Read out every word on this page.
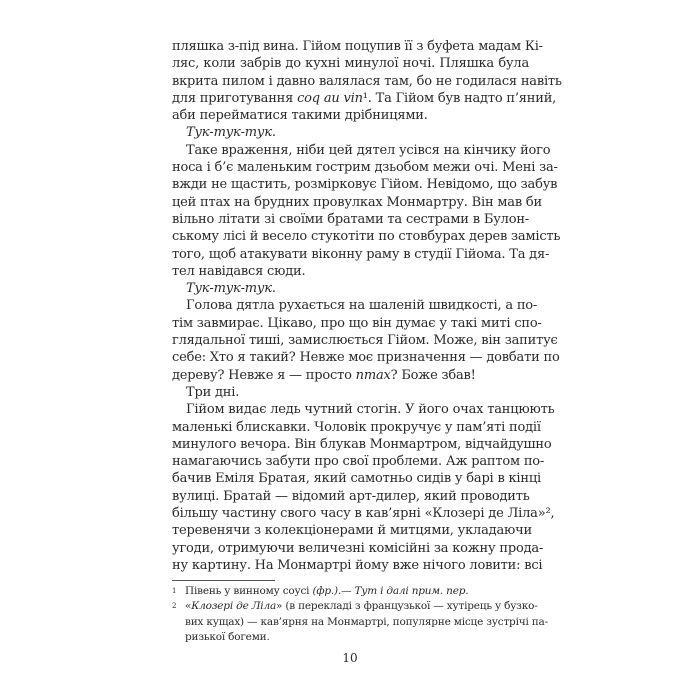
пляшка з-під вина. Гійом поцупив її з буфета мадам Кі-
ляс, коли забрів до кухні минулої ночі. Пляшка була
вкрита пилом і давно валялася там, бо не годилася навіть
для приготування coq au vin¹. Та Гійом був надто п’яний,
аби перейматися такими дрібницями.
Тук-тук-тук.
Таке враження, ніби цей дятел усівся на кінчику його
носа і б’є маленьким гострим дзьобом межи очі. Мені за-
вжди не щастить, розмірковує Гійом. Невідомо, що забув
цей птах на брудних провулках Монмартру. Він мав би
вільно літати зі своїми братами та сестрами в Булон-
ському лісі й весело стукотіти по стовбурах дерев замість
того, щоб атакувати віконну раму в студії Гійома. Та дя-
тел навідався сюди.
Тук-тук-тук.
Голова дятла рухається на шаленій швидкості, а по-
тім завмирає. Цікаво, про що він думає у такі миті спо-
глядальної тиші, замислюється Гійом. Може, він запитує
себе: Хто я такий? Невже моє призначення — довбати по
дереву? Невже я — просто птах? Боже збав!
Три дні.
Гійом видає ледь чутний стогін. У його очах танцюють
маленькі блискавки. Чоловік прокручує у пам’яті події
минулого вечора. Він блукав Монмартром, відчайдушно
намагаючись забути про свої проблеми. Аж раптом по-
бачив Еміля Братая, який самотньо сидів у барі в кінці
вулиці. Братай — відомий арт-дилер, який проводить
більшу частину свого часу в кав’ярні «Клозері де Ліла»²,
теревенячи з колекціонерами й митцями, укладаючи
угоди, отримуючи величезні комісійні за кожну прода-
ну картину. На Монмартрі йому вже нічого ловити: всі
1 Півень у винному соусі (фр.).— Тут і далі прим. пер.
2 «Клозері де Ліла» (в перекладі з французької — хутірець у бузко-
вих кущах) — кав’ярня на Монмартрі, популярне місце зустрічі па-
ризької богеми.
10
